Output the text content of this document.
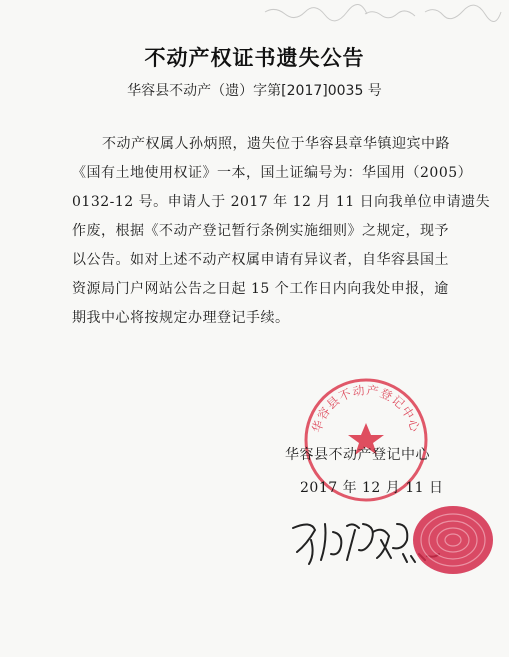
不动产权证书遗失公告
华容县不动产（遗）字第[2017]0035 号
不动产权属人孙炳照，遗失位于华容县章华镇迎宾中路
《国有土地使用权证》一本，国土证编号为：华国用（2005）
0132-12 号。申请人于 2017 年 12 月 11 日向我单位申请遗失
作废，根据《不动产登记暂行条例实施细则》之规定，现予
以公告。如对上述不动产权属申请有异议者，自华容县国土
资源局门户网站公告之日起 15 个工作日内向我处申报，逾
期我中心将按规定办理登记手续。
华容县不动产登记中心
华容县不动产登记中心
2017 年 12 月 11 日
